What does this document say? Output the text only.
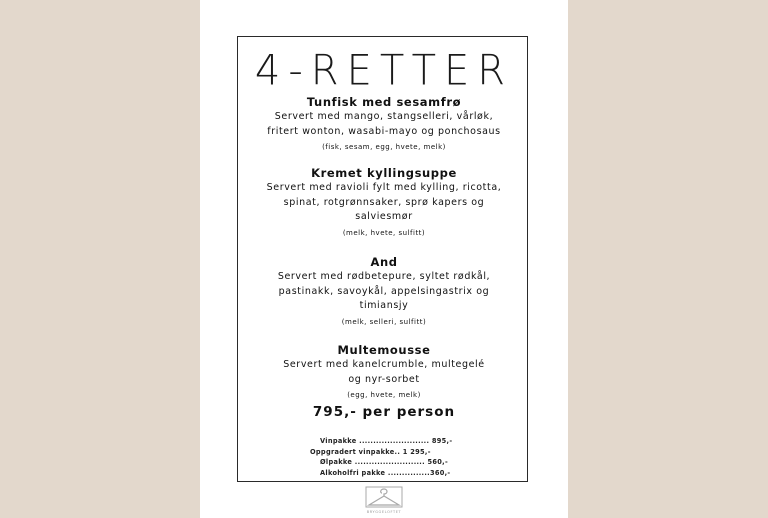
4-RETTER
Tunfisk med sesamfrø
Servert med mango, stangselleri, vårløk,
fritert wonton, wasabi-mayo og ponchosaus
(fisk, sesam, egg, hvete, melk)
Kremet kyllingsuppe
Servert med ravioli fylt med kylling, ricotta,
spinat, rotgrønnsaker, sprø kapers og
salviesmør
(melk, hvete, sulfitt)
And
Servert med rødbetepure, syltet rødkål,
pastinakk, savoykål, appelsingastrix og
timiansjy
(melk, selleri, sulfitt)
Multemousse
Servert med kanelcrumble, multegelé
og nyr-sorbet
(egg, hvete, melk)
795,- per person
Vinpakke ......................... 895,-
Oppgradert vinpakke.. 1 295,-
Ølpakke ......................... 560,-
Alkoholfri pakke ...............360,-
BRYGGELOFTET
